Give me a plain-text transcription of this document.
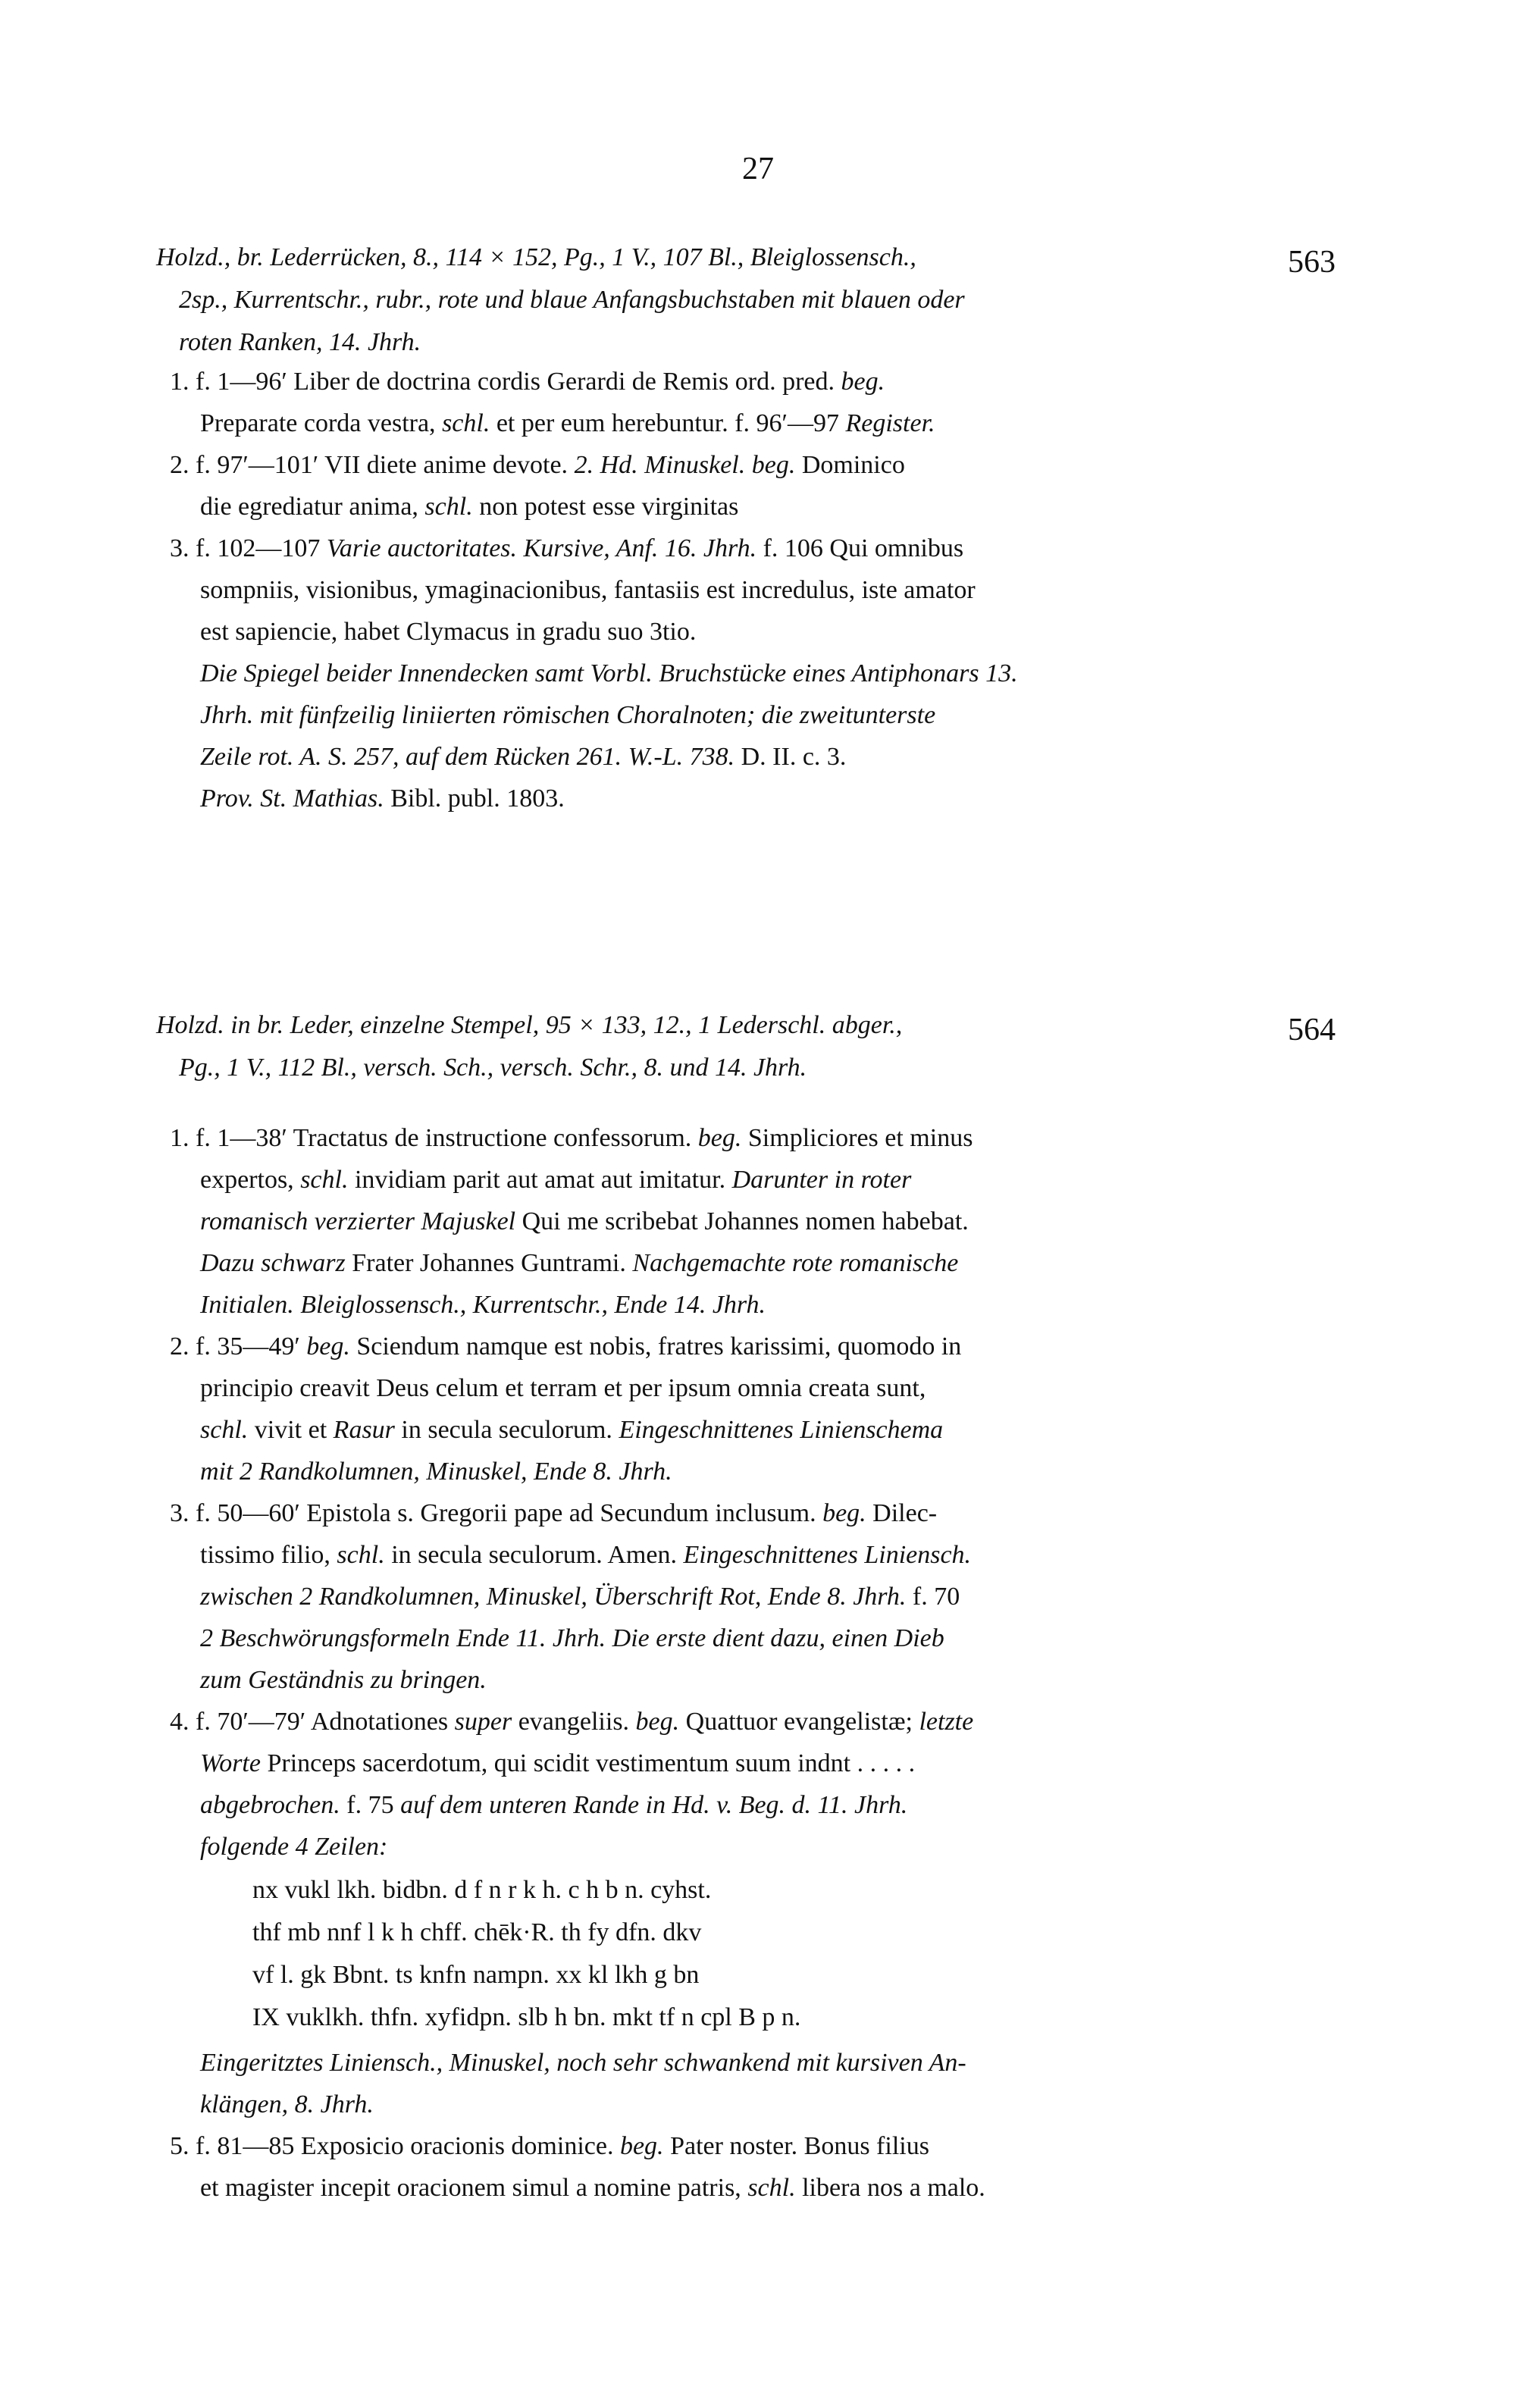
27
563
Holzd., br. Lederrücken, 8., 114 × 152, Pg., 1 V., 107 Bl., Bleiglossensch.,
2sp., Kurrentschr., rubr., rote und blaue Anfangsbuchstaben mit blauen oder
roten Ranken, 14. Jhrh.
1. f. 1—96′ Liber de doctrina cordis Gerardi de Remis ord. pred. beg.
Preparate corda vestra, schl. et per eum herebuntur. f. 96′—97 Register.
2. f. 97′—101′ VII diete anime devote. 2. Hd. Minuskel. beg. Dominico
die egrediatur anima, schl. non potest esse virginitas
3. f. 102—107 Varie auctoritates. Kursive, Anf. 16. Jhrh. f. 106 Qui omnibus
sompniis, visionibus, ymaginacionibus, fantasiis est incredulus, iste amator
est sapiencie, habet Clymacus in gradu suo 3tio.
Die Spiegel beider Innendecken samt Vorbl. Bruchstücke eines Antiphonars 13.
Jhrh. mit fünfzeilig liniierten römischen Choralnoten; die zweitunterste
Zeile rot. A. S. 257, auf dem Rücken 261. W.-L. 738. D. II. c. 3.
Prov. St. Mathias. Bibl. publ. 1803.
564
Holzd. in br. Leder, einzelne Stempel, 95 × 133, 12., 1 Lederschl. abger.,
Pg., 1 V., 112 Bl., versch. Sch., versch. Schr., 8. und 14. Jhrh.
1. f. 1—38′ Tractatus de instructione confessorum. beg. Simpliciores et minus
expertos, schl. invidiam parit aut amat aut imitatur. Darunter in roter
romanisch verzierter Majuskel Qui me scribebat Johannes nomen habebat.
Dazu schwarz Frater Johannes Guntrami. Nachgemachte rote romanische
Initialen. Bleiglossensch., Kurrentschr., Ende 14. Jhrh.
2. f. 35—49′ beg. Sciendum namque est nobis, fratres karissimi, quomodo in
principio creavit Deus celum et terram et per ipsum omnia creata sunt,
schl. vivit et Rasur in secula seculorum. Eingeschnittenes Linienschema
mit 2 Randkolumnen, Minuskel, Ende 8. Jhrh.
3. f. 50—60′ Epistola s. Gregorii pape ad Secundum inclusum. beg. Dilec-
tissimo filio, schl. in secula seculorum. Amen. Eingeschnittenes Liniensch.
zwischen 2 Randkolumnen, Minuskel, Überschrift Rot, Ende 8. Jhrh. f. 70
2 Beschwörungsformeln Ende 11. Jhrh. Die erste dient dazu, einen Dieb
zum Geständnis zu bringen.
4. f. 70′—79′ Adnotationes super evangeliis. beg. Quattuor evangelistæ; letzte
Worte Princeps sacerdotum, qui scidit vestimentum suum indnt . . . . .
abgebrochen. f. 75 auf dem unteren Rande in Hd. v. Beg. d. 11. Jhrh.
folgende 4 Zeilen:
nx vukl lkh. bidbn. d f n r k h. c h b n. cyhst.
thf mb nnf l k h chff. chēk·R. th fy dfn. dkv
vf l. gk Bbnt. ts knfn nampn. xx kl lkh g bn
IX vuklkh. thfn. xyfidpn. slb h bn. mkt tf n cpl B p n.
Eingeritztes Liniensch., Minuskel, noch sehr schwankend mit kursiven An-
klängen, 8. Jhrh.
5. f. 81—85 Exposicio oracionis dominice. beg. Pater noster. Bonus filius
et magister incepit oracionem simul a nomine patris, schl. libera nos a malo.
